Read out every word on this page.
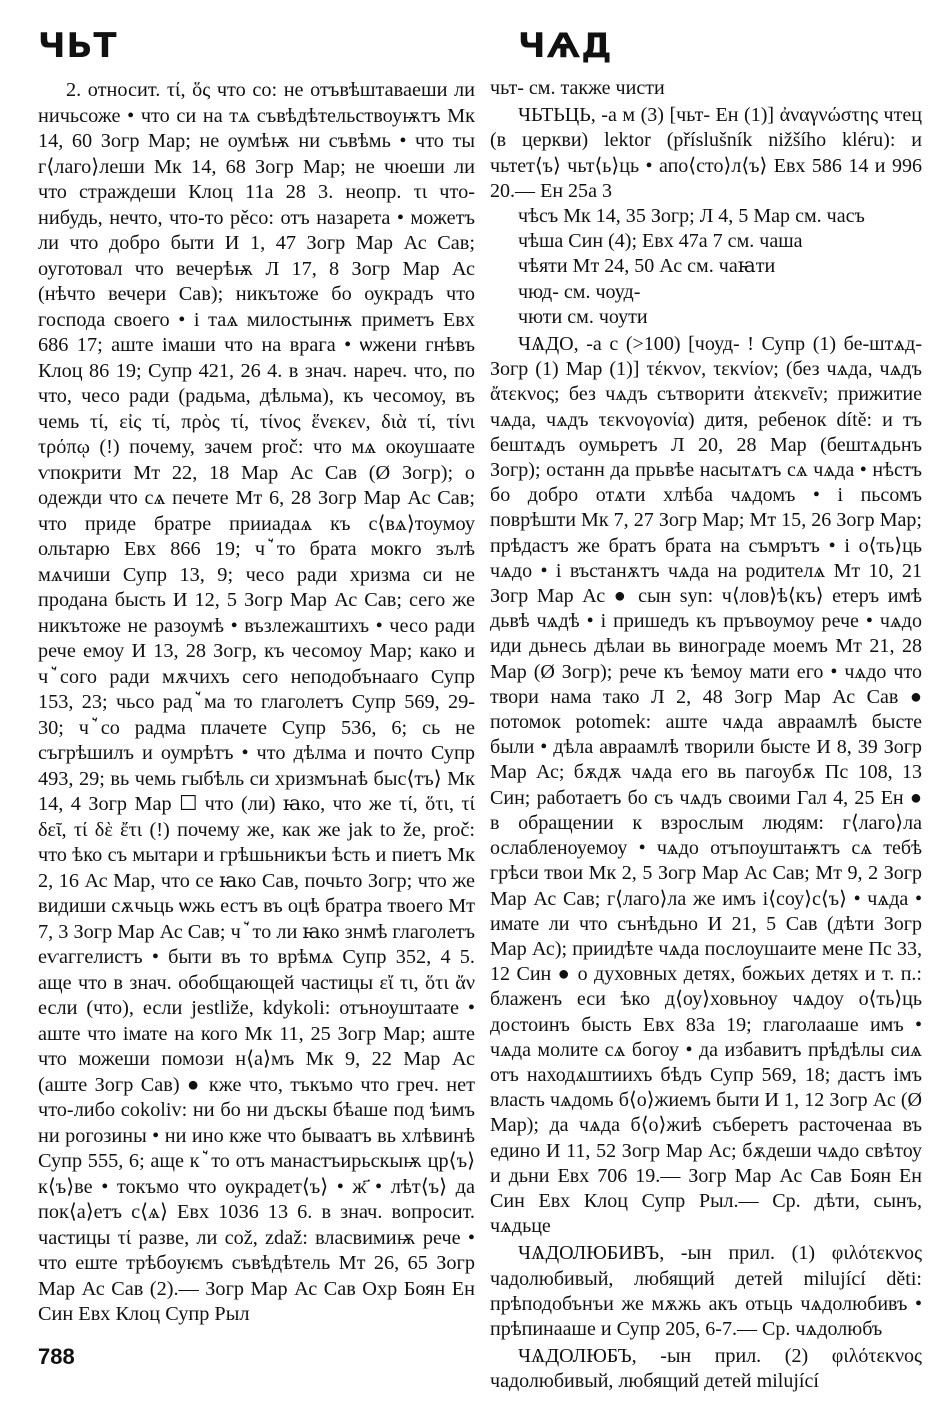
ЧЬТ	ЧѦД

2. относит. τί, ὅς что co: не отъвѣштаваеши ли ничьсоже • что си на тѧ съвѣдѣтельствоуѭтъ Мк 14, 60 Зогр Мар; не оумѣѭ ни съвѣмь • что ты г⟨лаго⟩леши Мк 14, 68 Зогр Мар; не чюеши ли что страждеши Клоц 11а 28 3. неопр. τι что-нибудь, нечто, что-то pěco: отъ назарета • можетъ ли что добро быти И 1, 47 Зогр Мар Ас Сав; оуготовал что вечерѣѭ Л 17, 8 Зогр Мар Ас (нѣчто вечери Сав); никътоже бо оукрадъ что господа своего • і таѧ милостынѭ приметъ Евх 686 17; аште імаши что на врага • ѡжени гнѣвъ Клоц 86 19; Супр 421, 26 4. в знач. нареч. что, по что, чесо ради (радьма, дѣльма), къ чесомоу, въ чемь τί, εἰς τί, πρὸς τί, τίνος ἕνεκεν, διὰ τί, τίνι τρόπῳ (!) почему, зачем proč: что мѧ окоушаате ѵпокрити Мт 22, 18 Мар Ас Сав (Ø Зогр); о одежди что сѧ печете Мт 6, 28 Зогр Мар Ас Сав; что приде братре прииадаѧ къ с⟨вѧ⟩тоумоу ольтарю Евх 866 19; чꙿто брата мокго зълѣ мѧчиши Супр 13, 9; чесо ради хризма си не продана бысть И 12, 5 Зогр Мар Ас Сав; сего же никътоже не разоумѣ • възлежаштихъ • чесо ради рече емоу И 13, 28 Зогр, къ чесомоу Мар; како и чꙿсого ради мѫчихъ сего неподобънааго Супр 153, 23; чьсо радꙿма то глаголетъ Супр 569, 29-30; чꙿсо радма плачете Супр 536, 6; сь не съгрѣшилъ и оумрѣтъ • что дѣлма и почто Супр 493, 29; вь чемь гыбѣль си хризмънаѣ быс⟨тъ⟩ Мк 14, 4 Зогр Мар ☐ что (ли) ꙗко, что же τί, ὅτι, τί δεῖ, τί δὲ ἔτι (!) почему же, как же jak to že, proč: что ѣко съ мытари и грѣшьникъи ѣсть и пиетъ Мк 2, 16 Ас Мар, что се ꙗко Сав, почьто Зогр; что же видиши сѫчьць ѡжь естъ въ оцѣ братра твоего Мт 7, 3 Зогр Мар Ас Сав; чꙿто ли ꙗко знмѣ глаголетъ еѵаггелистъ • быти въ то врѣмѧ Супр 352, 4 5. аще что в знач. обобщающей частицы εἴ τι, ὅτι ἄν если (что), если jestliže, kdykoli: отъноуштаате • аште что імате на кого Мк 11, 25 Зогр Мар; аште что можеши помози н⟨а⟩мъ Мк 9, 22 Мар Ас (аште Зогр Сав) ● кже что, тъкъмо что греч. нет что-либо cokoliv: ни бо ни дъскы бѣаше под ѣимъ ни рогозины • ни ино кже что бываатъ вь хлѣвинѣ Супр 555, 6; аще кꙿто отъ манастъирьскыѭ цр⟨ъ⟩к⟨ъ⟩ве • токъмо что оукрадет⟨ъ⟩ • ж҃ • лѣт⟨ъ⟩ да пок⟨а⟩етъ с⟨ѧ⟩ Евх 1036 13 6. в знач. вопросит. частицы τί разве, ли což, zdaž: власвимиѭ рече • что еште трѣбоуѥмъ съвѣдѣтель Мт 26, 65 Зогр Мар Ас Сав (2).— Зогр Мар Ас Сав Охр Боян Ен Син Евх Клоц Супр Рыл

чьт- см. также чисти

ЧЬТЬЦЬ, -а м (3) [чьт- Ен (1)] ἀναγνώστης чтец (в церкви) lektor (příslušník nižšího kléru): и чьтет⟨ъ⟩ чьт⟨ь⟩ць • апо⟨сто⟩л⟨ъ⟩ Евх 586 14 и 996 20.— Ен 25а 3

чѣсъ Мк 14, 35 Зогр; Л 4, 5 Мар см. часъ

чѣша Син (4); Евх 47а 7 см. чаша

чѣяти Мт 24, 50 Ас см. чаꙗти

чюд- см. чоуд-

чюти см. чоути

ЧѦДО, -а с (>100) [чоуд- ! Супр (1) бе-штѧд- Зогр (1) Мар (1)] τέκνον, τεκνίον; (без чѧда, чѧдъ ἄτεκνος; без чѧдъ сътворити ἀτεκνεῖν; прижитие чѧда, чѧдъ τεκνογονία) дитя, ребенок dítě: и тъ бештѧдъ оумьретъ Л 20, 28 Мар (бештѧдьнъ Зогр); останн да прьвѣе насытѧтъ сѧ чѧда • нѣстъ бо добро отѧти хлѣба чѧдомъ • і пьсомъ поврѣшти Мк 7, 27 Зогр Мар; Мт 15, 26 Зогр Мар; прѣдастъ же братъ брата на съмрътъ • і о⟨ть⟩ць чѧдо • і въстанѫтъ чѧда на родителѧ Мт 10, 21 Зогр Мар Ас ● сын syn: ч⟨лов⟩ѣ⟨къ⟩ етеръ имѣ дьвѣ чѧдѣ • і пришедъ къ пръвоумоу рече • чѧдо иди дьнесь дѣлаи вь винограде моемъ Мт 21, 28 Мар (Ø Зогр); рече къ ѣемоу мати его • чѧдо что твори нама тако Л 2, 48 Зогр Мар Ас Сав ● потомок potomek: аште чѧда авраамлѣ бысте были • дѣла авраамлѣ творили бысте И 8, 39 Зогр Мар Ас; бѫдѫ чѧда его вь пагоубѫ Пс 108, 13 Син; работаетъ бо съ чѧдъ своими Гал 4, 25 Ен ● в обращении к взрослым людям: г⟨лаго⟩ла ослабленоуемоу • чѧдо отъпоуштаѭтъ сѧ тебѣ грѣси твои Мк 2, 5 Зогр Мар Ас Сав; Мт 9, 2 Зогр Мар Ас Сав; г⟨лаго⟩ла же имъ і⟨соу⟩с⟨ъ⟩ • чѧда • имате ли что сънѣдьно И 21, 5 Сав (дѣти Зогр Мар Ас); приидѣте чѧда послоушаите мене Пс 33, 12 Син ● о духовных детях, божьих детях и т. п.: блаженъ еси ѣко д⟨оу⟩ховьноу чѧдоу о⟨ть⟩ць достоинъ бысть Евх 83а 19; глаголааше имъ • чѧда молите сѧ богоу • да избавитъ прѣдѣлы сиѧ отъ находѧштиихъ бѣдъ Супр 569, 18; дастъ імъ власть чѧдомь б⟨о⟩жиемъ быти И 1, 12 Зогр Ас (Ø Мар); да чѧда б⟨о⟩жиѣ съберетъ расточенаа въ едино И 11, 52 Зогр Мар Ас; бѫдеши чѧдо свѣтоу и дьни Евх 706 19.— Зогр Мар Ас Сав Боян Ен Син Евх Клоц Супр Рыл.— Ср. дѣти, сынъ, чѧдьце

ЧѦДОЛЮБИВЪ, -ын прил. (1) φιλότεκνος чадолюбивый, любящий детей milující děti: прѣподобънъи же мѫжь акъ отьць чѧдолюбивъ • прѣпинааше и Супр 205, 6-7.— Ср. чѧдолюбъ

ЧѦДОЛЮБЪ, -ын прил. (2) φιλότεκνος чадолюбивый, любящий детей milující

788
